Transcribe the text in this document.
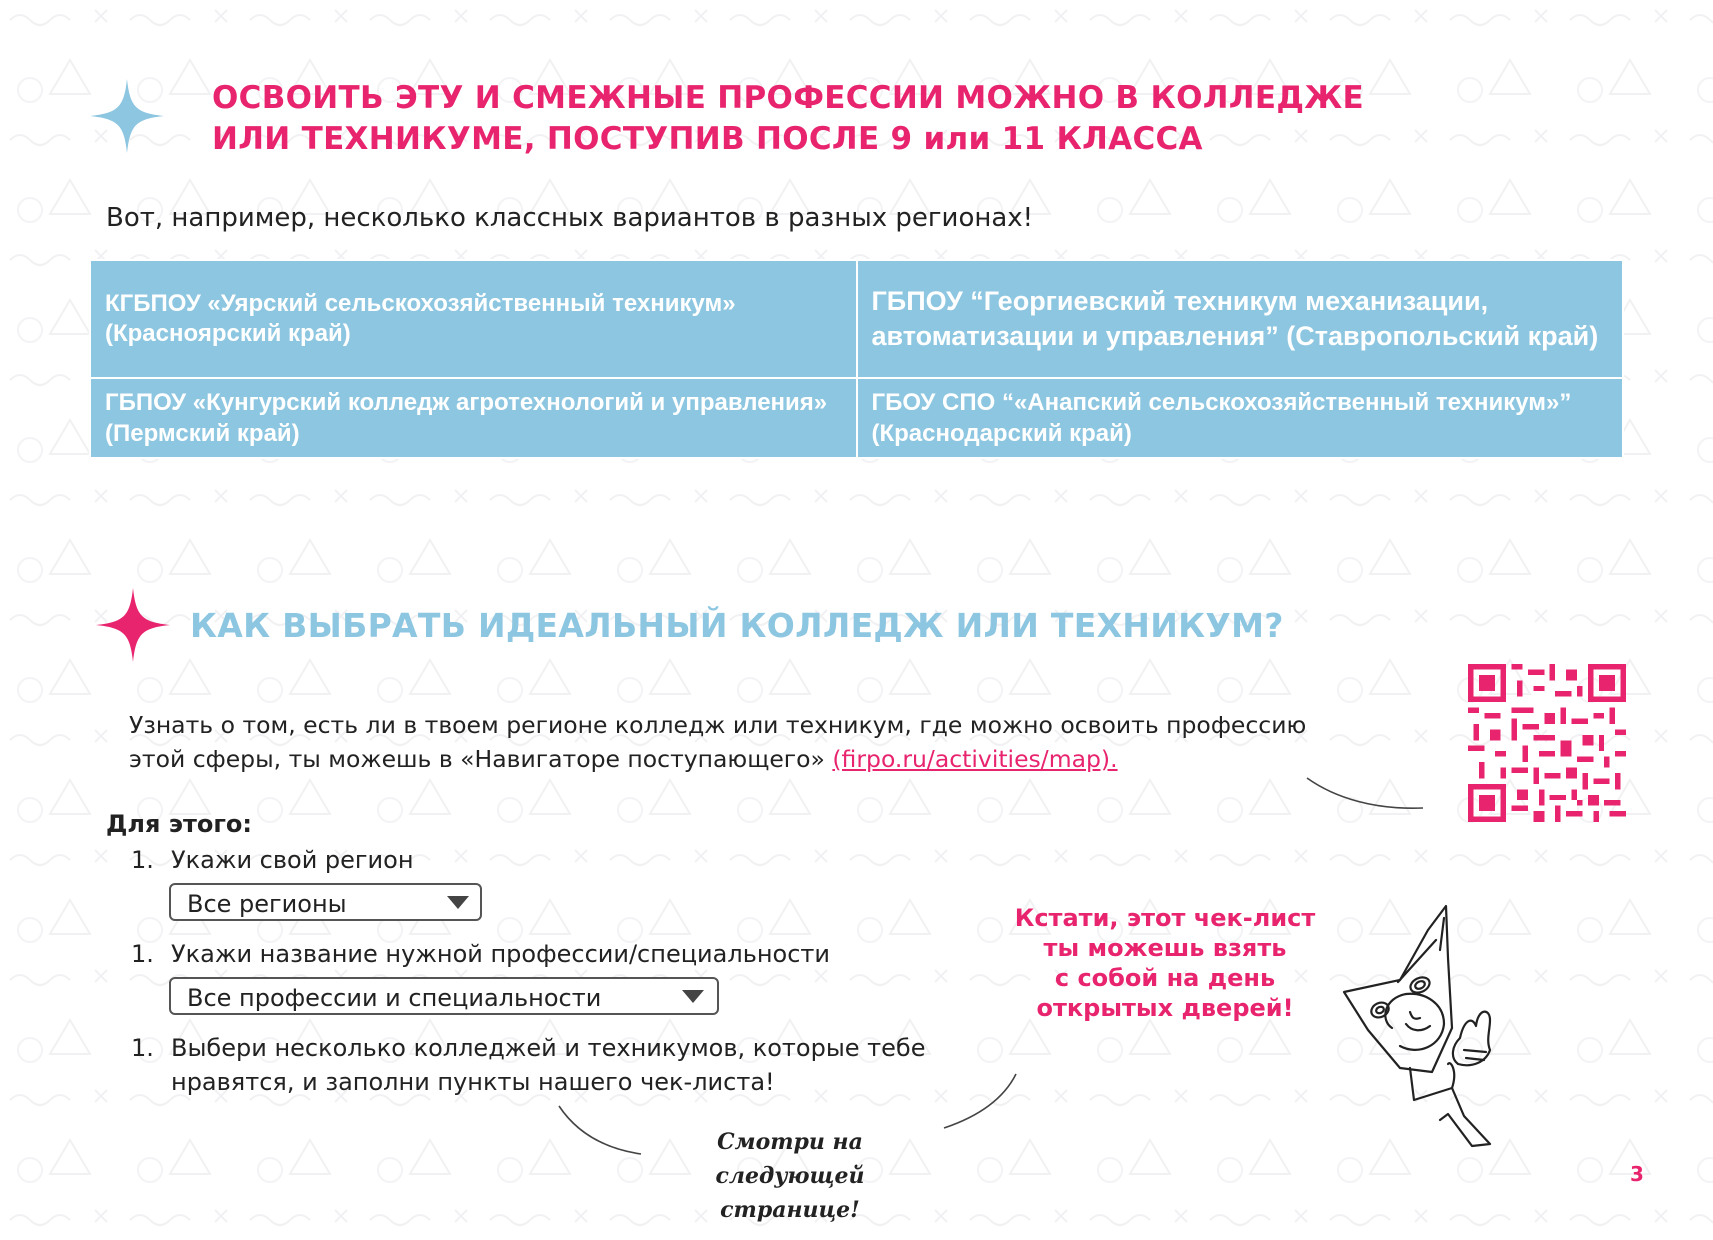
ОСВОИТЬ ЭТУ И СМЕЖНЫЕ ПРОФЕССИИ МОЖНО В КОЛЛЕДЖЕ
ИЛИ ТЕХНИКУМЕ, ПОСТУПИВ ПОСЛЕ 9 или 11 КЛАССА
Вот, например, несколько классных вариантов в разных регионах!
КГБПОУ «Уярский сельскохозяйственный техникум» (Красноярский край)	ГБПОУ “Георгиевский техникум механизации, автоматизации и управления” (Ставропольский край)
ГБПОУ «Кунгурский колледж агротехнологий и управления» (Пермский край)	ГБОУ СПО “«Анапский сельскохозяйственный техникум»” (Краснодарский край)
КАК ВЫБРАТЬ ИДЕАЛЬНЫЙ КОЛЛЕДЖ ИЛИ ТЕХНИКУМ?
Узнать о том, есть ли в твоем регионе колледж или техникум, где можно освоить профессию
этой сферы, ты можешь в «Навигаторе поступающего» (firpo.ru/activities/map).
Для этого:
1. Укажи свой регион
Все регионы
1. Укажи название нужной профессии/специальности
Все профессии и специальности
1. Выбери несколько колледжей и техникумов, которые тебе
нравятся, и заполни пункты нашего чек-листа!
Смотри на следующей
странице!
Кстати, этот чек-лист
ты можешь взять
с собой на день
открытых дверей!
3
